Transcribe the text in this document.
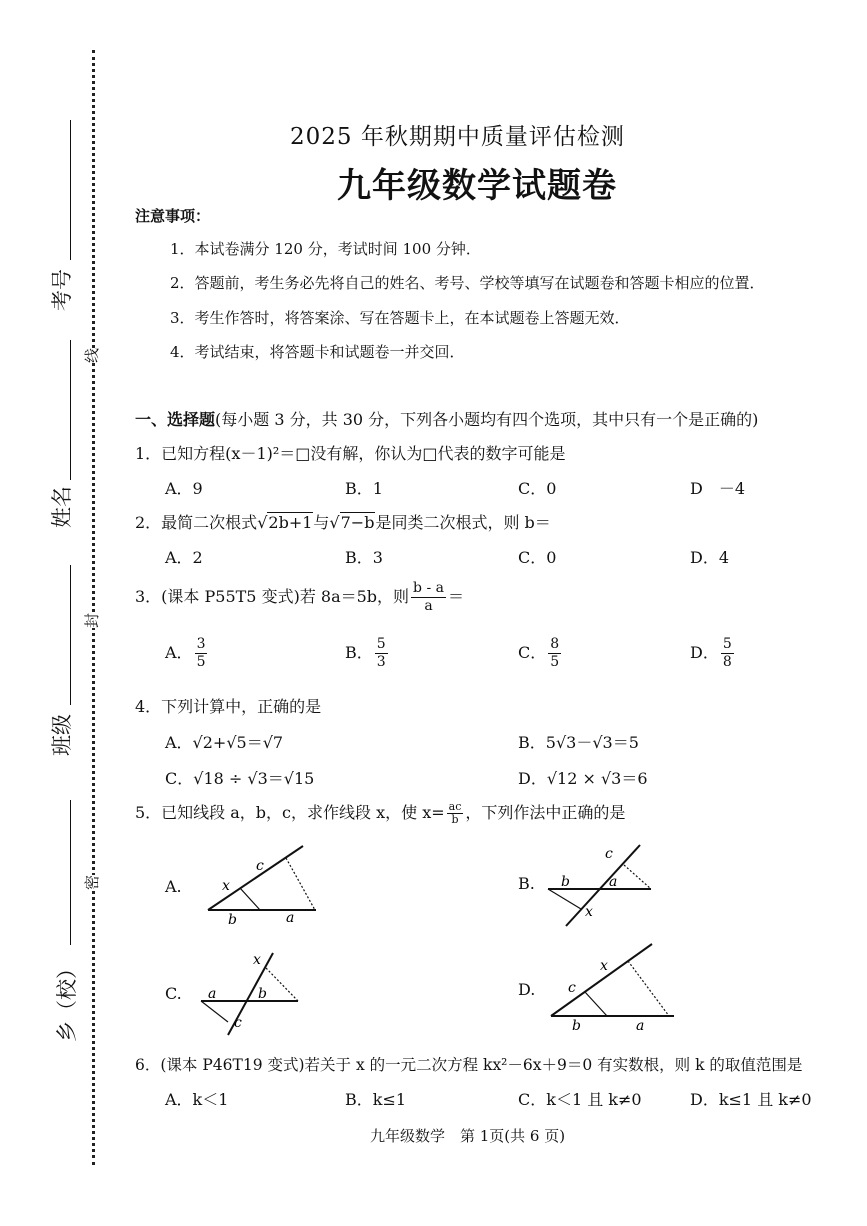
考号
姓名
班级
乡（校）
线
封
密
2025 年秋期期中质量评估检测
九年级数学试题卷
注意事项：
1．本试卷满分 120 分，考试时间 100 分钟．
2．答题前，考生务必先将自己的姓名、考号、学校等填写在试题卷和答题卡相应的位置．
3．考生作答时，将答案涂、写在答题卡上，在本试题卷上答题无效．
4．考试结束，将答题卡和试题卷一并交回．
一、选择题(每小题 3 分，共 30 分，下列各小题均有四个选项，其中只有一个是正确的)
1．已知方程(x－1)²＝□没有解，你认为□代表的数字可能是
A．9	B．1	C．0	D　－4
2．最简二次根式√2b+1与√7−b是同类二次根式，则 b＝
A．2	B．3	C．0	D．4
3．(课本 P55T5 变式)若 8a＝5b，则 $\frac{b - a}{a}$ ＝
A． $\frac{3}{5}$	B． $\frac{5}{3}$	C． $\frac{8}{5}$	D． $\frac{5}{8}$
4．下列计算中，正确的是
A．√2+√5＝√7	B．5√3－√3＝5
C．√18 ÷ √3＝√15	D．√12 × √3＝6
5．已知线段 a，b，c，求作线段 x，使 $x= \frac{ac}{b}$ ，下列作法中正确的是
A.	x
c
b	a
B. b	a
c
x
C. a	b
x
c
D. c
x
b	a
6．(课本 P46T19 变式)若关于 x 的一元二次方程 kx²－6x＋9＝0 有实数根，则 k 的取值范围是
A．k＜1	B．k≤1	C．k＜1 且 k≠0	D．k≤1 且 k≠0
九年级数学　第 1页(共 6 页)
